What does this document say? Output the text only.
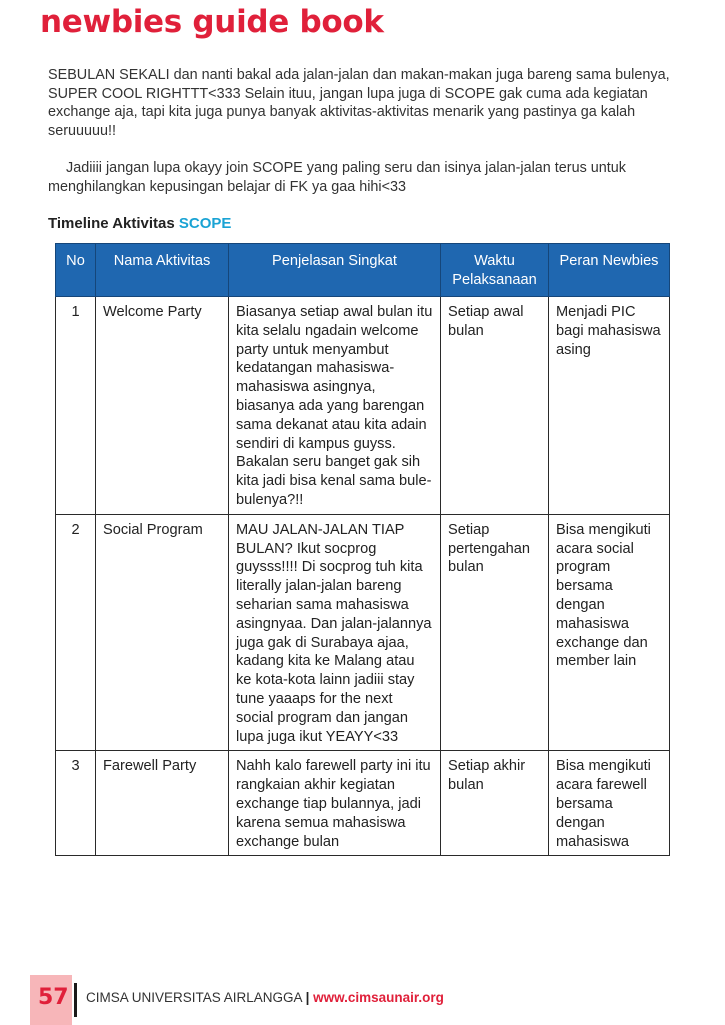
newbies guide book

SEBULAN SEKALI dan nanti bakal ada jalan-jalan dan makan-makan juga bareng sama bulenya, SUPER COOL RIGHTTT<333 Selain ituu, jangan lupa juga di SCOPE gak cuma ada kegiatan exchange aja, tapi kita juga punya banyak aktivitas-aktivitas menarik yang pastinya ga kalah seruuuuu!!

Jadiiii jangan lupa okayy join SCOPE yang paling seru dan isinya jalan-jalan terus untuk menghilangkan kepusingan belajar di FK ya gaa hihi<33

Timeline Aktivitas SCOPE
No	Nama Aktivitas	Penjelasan Singkat	Waktu Pelaksanaan	Peran Newbies
1	Welcome Party	Biasanya setiap awal bulan itu kita selalu ngadain welcome party untuk menyambut kedatangan mahasiswa-mahasiswa asingnya, biasanya ada yang barengan sama dekanat atau kita adain sendiri di kampus guyss. Bakalan seru banget gak sih kita jadi bisa kenal sama bule-bulenya?!!	Setiap awal bulan	Menjadi PIC bagi mahasiswa asing
2	Social Program	MAU JALAN-JALAN TIAP BULAN? Ikut socprog guysss!!!! Di socprog tuh kita literally jalan-jalan bareng seharian sama mahasiswa asingnyaa. Dan jalan-jalannya juga gak di Surabaya ajaa, kadang kita ke Malang atau ke kota-kota lainn jadiii stay tune yaaaps for the next social program dan jangan lupa juga ikut YEAYY<33	Setiap pertengahan bulan	Bisa mengikuti acara social program bersama dengan mahasiswa exchange dan member lain
3	Farewell Party	Nahh kalo farewell party ini itu rangkaian akhir kegiatan exchange tiap bulannya, jadi karena semua mahasiswa exchange bulan	Setiap akhir bulan	Bisa mengikuti acara farewell bersama dengan mahasiswa
57 CIMSA UNIVERSITAS AIRLANGGA | www.cimsaunair.org
